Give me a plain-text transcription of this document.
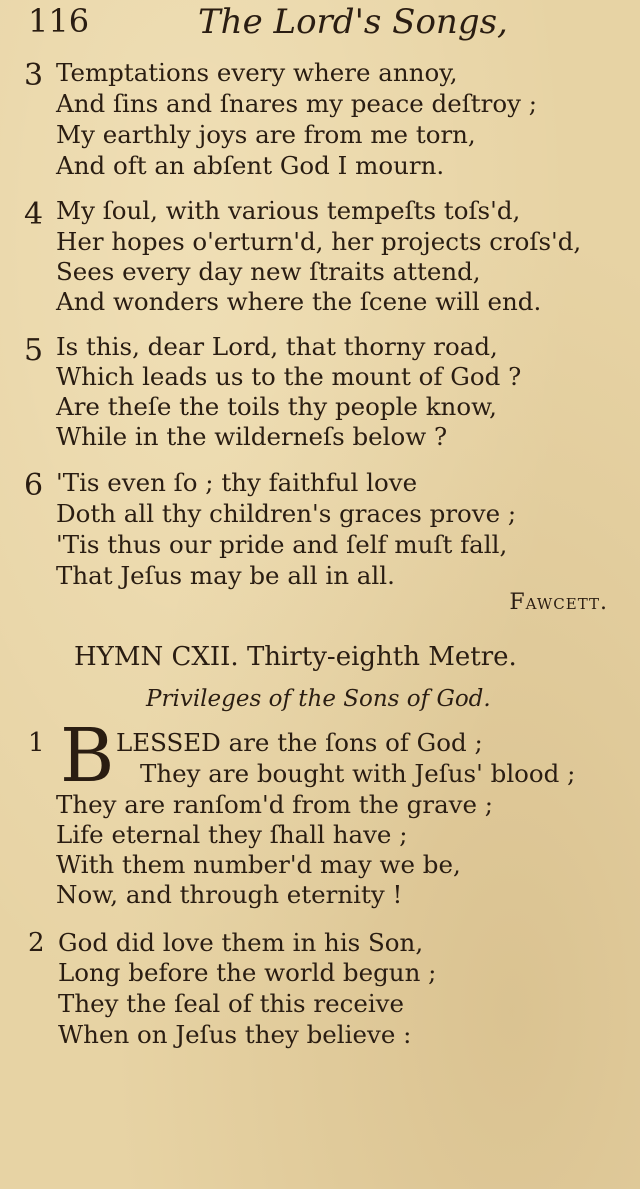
116	The Lord's Songs,
3 Temptations every where annoy,
And ſins and ſnares my peace deſtroy ;
My earthly joys are from me torn,
And oft an abſent God I mourn.
4 My ſoul, with various tempeſts toſs'd,
Her hopes o'erturn'd, her projects croſs'd,
Sees every day new ſtraits attend,
And wonders where the ſcene will end.
5 Is this, dear Lord, that thorny road,
Which leads us to the mount of God ?
Are theſe the toils thy people know,
While in the wilderneſs below ?
6 'Tis even ſo ; thy faithful love
Doth all thy children's graces prove ;
'Tis thus our pride and ſelf muſt fall,
That Jeſus may be all in all.
Fawcett.
HYMN CXII. Thirty-eighth Metre.
Privileges of the Sons of God.
1 B LESSED are the ſons of God ;
They are bought with Jeſus' blood ;
They are ranſom'd from the grave ;
Life eternal they ſhall have ;
With them number'd may we be,
Now, and through eternity !
2 God did love them in his Son,
Long before the world begun ;
They the ſeal of this receive
When on Jeſus they believe :
